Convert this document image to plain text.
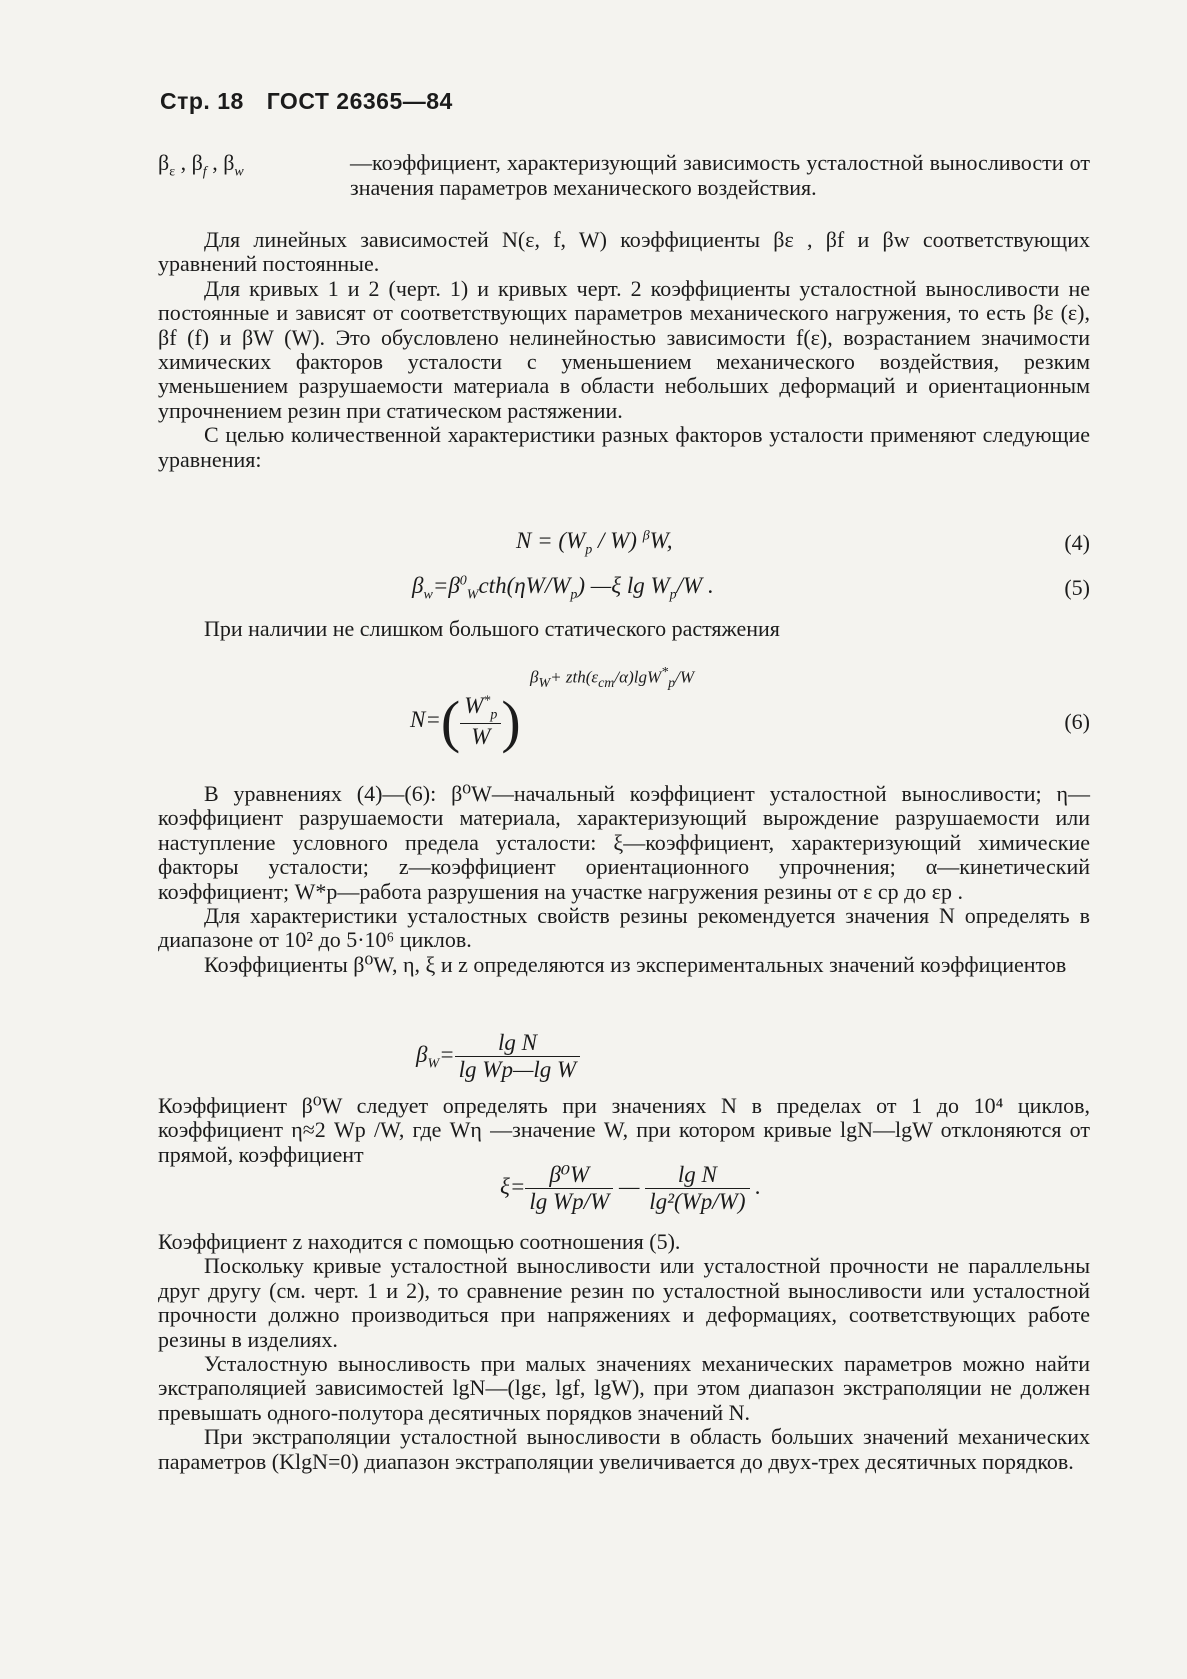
Стр. 18 ГОСТ 26365—84
$\beta_\varepsilon$ , $\beta_f$ , $\beta_w$	—коэффициент, характеризующий зависимость усталостной выносливости от значения параметров механического воздействия.

Для линейных зависимостей N(ε, f, W) коэффициенты βε , βf и βw соответствующих уравнений постоянные.

Для кривых 1 и 2 (черт. 1) и кривых черт. 2 коэффициенты усталостной выносливости не постоянные и зависят от соответствующих параметров механического нагружения, то есть βε (ε), βf (f) и βW (W). Это обусловлено нелинейностью зависимости f(ε), возрастанием значимости химических факторов усталости с уменьшением механического воздействия, резким уменьшением разрушаемости материала в области небольших деформаций и ориентационным упрочнением резин при статическом растяжении.

С целью количественной характеристики разных факторов усталости применяют следующие уравнения:

$N = (W_p / W)$ $^\beta$W,	(4)
$\beta_w=\beta^0_Wcth(\eta W/W_p)$ —ξ $\lg W_p/W$ .	(5)

При наличии не слишком большого статического растяжения

$\beta_W+ zth(\varepsilon_{ст}/\alpha)\lg W^*_p/W$
$N=( \frac{W^*_p}{W}$ )	(6)

В уравнениях (4)—(6): β⁰W—начальный коэффициент усталостной выносливости; η—коэффициент разрушаемости материала, характеризующий вырождение разрушаемости или наступление условного предела усталости: ξ—коэффициент, характеризующий химические факторы усталости; z—коэффициент ориентационного упрочнения; α—кинетический коэффициент; W*p—работа разрушения на участке нагружения резины от ε ср до εр .

Для характеристики усталостных свойств резины рекомендуется значения N определять в диапазоне от 10² до 5·10⁶ циклов.

Коэффициенты β⁰W, η, ξ и z определяются из экспериментальных значений коэффициентов

$\beta_W= \frac{\text{lg N}}{\text{lg Wp—lg W}}$

Коэффициент β⁰W следует определять при значениях N в пределах от 1 до 10⁴ циклов, коэффициент η≈2 Wp /W, где Wη —значение W, при котором кривые lgN—lgW отклоняются от прямой, коэффициент

$\xi= \frac{\text{β⁰W}}{\text{lg Wp/W}}$ — $\frac{\text{lg N}}{\text{lg²(Wp/W)}}$ .

Коэффициент z находится с помощью соотношения (5).

Поскольку кривые усталостной выносливости или усталостной прочности не параллельны друг другу (см. черт. 1 и 2), то сравнение резин по усталостной выносливости или усталостной прочности должно производиться при напряжениях и деформациях, соответствующих работе резины в изделиях.

Усталостную выносливость при малых значениях механических параметров можно найти экстраполяцией зависимостей lgN—(lgε, lgf, lgW), при этом диапазон экстраполяции не должен превышать одного-полутора десятичных порядков значений N.

При экстраполяции усталостной выносливости в область больших значений механических параметров (KlgN=0) диапазон экстраполяции увеличивается до двух-трех десятичных порядков.
